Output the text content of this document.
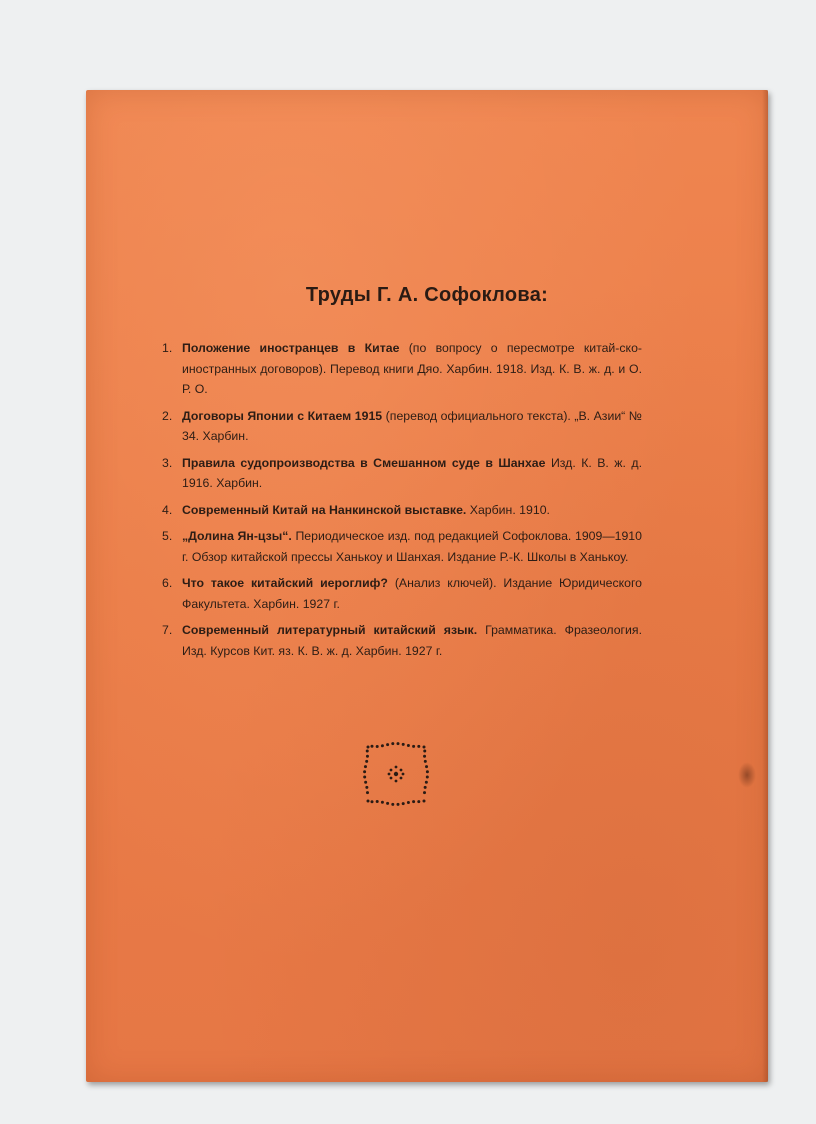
Труды Г. А. Софоклова:
1. Положение иностранцев в Китае (по вопросу о пересмотре китай-ско-иностранных договоров). Перевод книги Дяо. Харбин. 1918. Изд. К. В. ж. д. и О. Р. О.
2. Договоры Японии с Китаем 1915 (перевод официального текста). „В. Азии“ № 34. Харбин.
3. Правила судопроизводства в Смешанном суде в Шанхае Изд. К. В. ж. д. 1916. Харбин.
4. Современный Китай на Нанкинской выставке. Харбин. 1910.
5. „Долина Ян-цзы“. Периодическое изд. под редакцией Софоклова. 1909—1910 г. Обзор китайской прессы Ханькоу и Шанхая. Издание Р.-К. Школы в Ханькоу.
6. Что такое китайский иероглиф? (Анализ ключей). Издание Юридического Факультета. Харбин. 1927 г.
7. Современный литературный китайский язык. Грамматика. Фразеология. Изд. Курсов Кит. яз. К. В. ж. д. Харбин. 1927 г.
